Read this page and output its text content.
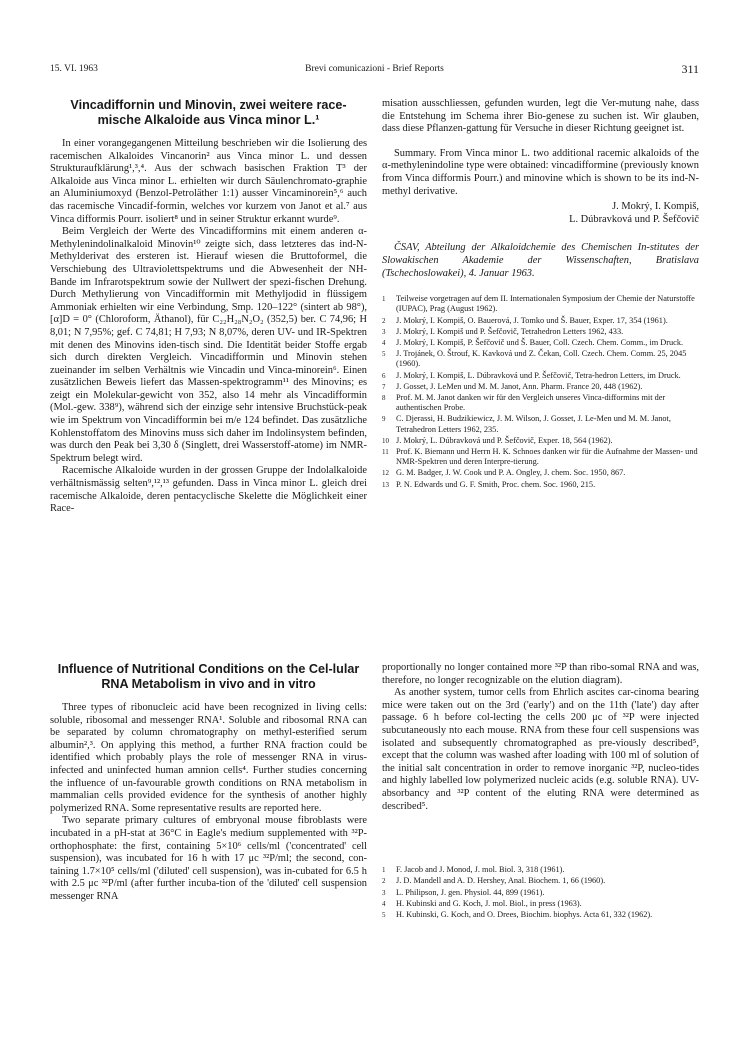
15. VI. 1963	Brevi comunicazioni - Brief Reports	311
Vincadiffornin und Minovin, zwei weitere race-mische Alkaloide aus Vinca minor L.¹

In einer vorangegangenen Mitteilung beschrieben wir die Isolierung des racemischen Alkaloides Vincanorin² aus Vinca minor L. und dessen Strukturaufklärung¹,³,⁴. Aus der schwach basischen Fraktion T³ der Alkaloide aus Vinca minor L. erhielten wir durch Säulenchromato-graphie an Aluminiumoxyd (Benzol-Petroläther 1:1) ausser Vincaminorein⁵,⁶ auch das racemische Vincadif-formin, welches vor kurzem von Janot et al.⁷ aus Vinca difformis Pourr. isoliert⁸ und in seiner Struktur erkannt wurde⁹.

Beim Vergleich der Werte des Vincadifformins mit einem anderen α-Methylenindolinalkaloid Minovin¹⁰ zeigte sich, dass letzteres das ind-N-Methylderivat des ersteren ist. Hierauf wiesen die Bruttoformel, die Verschiebung des Ultraviolettspektrums und die Abwesenheit der NH-Bande im Infrarotspektrum sowie der Nullwert der spezi-fischen Drehung. Durch Methylierung von Vincadifformin mit Methyljodid in flüssigem Ammoniak erhielten wir eine Verbindung, Smp. 120–122° (sintert ab 98°), [α]D = 0° (Chloroform, Äthanol), für C₂₂H₂₈N₂O₂ (352,5) ber. C 74,96; H 8,01; N 7,95%; gef. C 74,81; H 7,93; N 8,07%, deren UV- und IR-Spektren mit denen des Minovins iden-tisch sind. Die Identität beider Stoffe ergab sich durch direkten Vergleich. Vincadifformin und Minovin stehen zueinander im selben Verhältnis wie Vincadin und Vinca-minorein⁶. Einen zusätzlichen Beweis liefert das Massen-spektrogramm¹¹ des Minovins; es zeigt ein Molekular-gewicht von 352, also 14 mehr als Vincadifformin (Mol.-gew. 338⁹), während sich der einzige sehr intensive Bruchstück-peak wie im Spektrum von Vincadifformin bei m/e 124 befindet. Das zusätzliche Kohlenstoffatom des Minovins muss sich daher im Indolinsystem befinden, was durch den Peak bei 3,30 δ (Singlett, drei Wasserstoff-atome) im NMR-Spektrum belegt wird.

Racemische Alkaloide wurden in der grossen Gruppe der Indolalkaloide verhältnismässig selten⁹,¹²,¹³ gefunden. Dass in Vinca minor L. gleich drei racemische Alkaloide, deren pentacyclische Skelette die Möglichkeit einer Race-

misation ausschliessen, gefunden wurden, legt die Ver-mutung nahe, dass die Entstehung im Schema ihrer Bio-genese zu suchen ist. Wir glauben, dass diese Pflanzen-gattung für Versuche in dieser Richtung geeignet ist.

Summary. From Vinca minor L. two additional racemic alkaloids of the α-methylenindoline type were obtained: vincadifformine (previously known from Vinca difformis Pourr.) and minovine which is shown to be its ind-N-methyl derivative.

J. Mokrý, I. Kompiš,
L. Dúbravková und P. Šefčovič

ČSAV, Abteilung der Alkaloidchemie des Chemischen In-stitutes der Slowakischen Akademie der Wissenschaften, Bratislava (Tschechoslowakei), 4. Januar 1963.

1 Teilweise vorgetragen auf dem II. Internationalen Symposium der Chemie der Naturstoffe (IUPAC), Prag (August 1962).
2 J. Mokrý, I. Kompiš, O. Bauerová, J. Tomko und Š. Bauer, Exper. 17, 354 (1961).
3 J. Mokrý, I. Kompiš und P. Šefčovič, Tetrahedron Letters 1962, 433.
4 J. Mokrý, I. Kompiš, P. Šefčovič und Š. Bauer, Coll. Czech. Chem. Comm., im Druck.
5 J. Trojánek, O. Štrouf, K. Kavková und Z. Čekan, Coll. Czech. Chem. Comm. 25, 2045 (1960).
6 J. Mokrý, I. Kompiš, L. Dúbravková und P. Šefčovič, Tetra-hedron Letters, im Druck.
7 J. Gosset, J. LeMen und M. M. Janot, Ann. Pharm. France 20, 448 (1962).
8 Prof. M. M. Janot danken wir für den Vergleich unseres Vinca-difformins mit der authentischen Probe.
9 C. Djerassi, H. Budzikiewicz, J. M. Wilson, J. Gosset, J. Le-Men und M. M. Janot, Tetrahedron Letters 1962, 235.
10 J. Mokrý, L. Dúbravková und P. Šefčovič, Exper. 18, 564 (1962).
11 Prof. K. Biemann und Herrn H. K. Schnoes danken wir für die Aufnahme der Massen- und NMR-Spektren und deren Interpre-tierung.
12 G. M. Badger, J. W. Cook und P. A. Ongley, J. chem. Soc. 1950, 867.
13 P. N. Edwards und G. F. Smith, Proc. chem. Soc. 1960, 215.
Influence of Nutritional Conditions on the Cel-lular RNA Metabolism in vivo and in vitro

Three types of ribonucleic acid have been recognized in living cells: soluble, ribosomal and messenger RNA¹. Soluble and ribosomal RNA can be separated by column chromatography on methyl-esterified serum albumin²,³. On applying this method, a further RNA fraction could be identified which probably plays the role of messenger RNA in virus-infected and uninfected human amnion cells⁴. Further studies concerning the influence of un-favourable growth conditions on RNA metabolism in mammalian cells provided evidence for the synthesis of another highly polymerized RNA. Some representative results are reported here.

Two separate primary cultures of embryonal mouse fibroblasts were incubated in a pH-stat at 36°C in Eagle's medium supplemented with ³²P-orthophosphate: the first, containing 5×10⁶ cells/ml ('concentrated' cell suspension), was incubated for 16 h with 17 μc ³²P/ml; the second, con-taining 1.7×10⁵ cells/ml ('diluted' cell suspension), was in-cubated for 6.5 h with 2.5 μc ³²P/ml (after further incuba-tion of the 'diluted' cell suspension messenger RNA

proportionally no longer contained more ³²P than ribo-somal RNA and was, therefore, no longer recognizable on the elution diagram).

As another system, tumor cells from Ehrlich ascites car-cinoma bearing mice were taken out on the 3rd ('early') and on the 11th ('late') day after passage. 6 h before col-lecting the cells 200 μc of ³²P were injected subcutaneously nto each mouse. RNA from these four cell suspensions was isolated and subsequently chromatographed as pre-viously described⁵, except that the column was washed after loading with 100 ml of solution of the initial salt concentration in order to remove inorganic ³²P, nucleo-tides and highly labelled low polymerized nucleic acids (e.g. soluble RNA). UV-absorbancy and ³²P content of the eluting RNA were determined as described⁵.

1 F. Jacob and J. Monod, J. mol. Biol. 3, 318 (1961).
2 J. D. Mandell and A. D. Hershey, Anal. Biochem. 1, 66 (1960).
3 L. Philipson, J. gen. Physiol. 44, 899 (1961).
4 H. Kubinski and G. Koch, J. mol. Biol., in press (1963).
5 H. Kubinski, G. Koch, and O. Drees, Biochim. biophys. Acta 61, 332 (1962).
